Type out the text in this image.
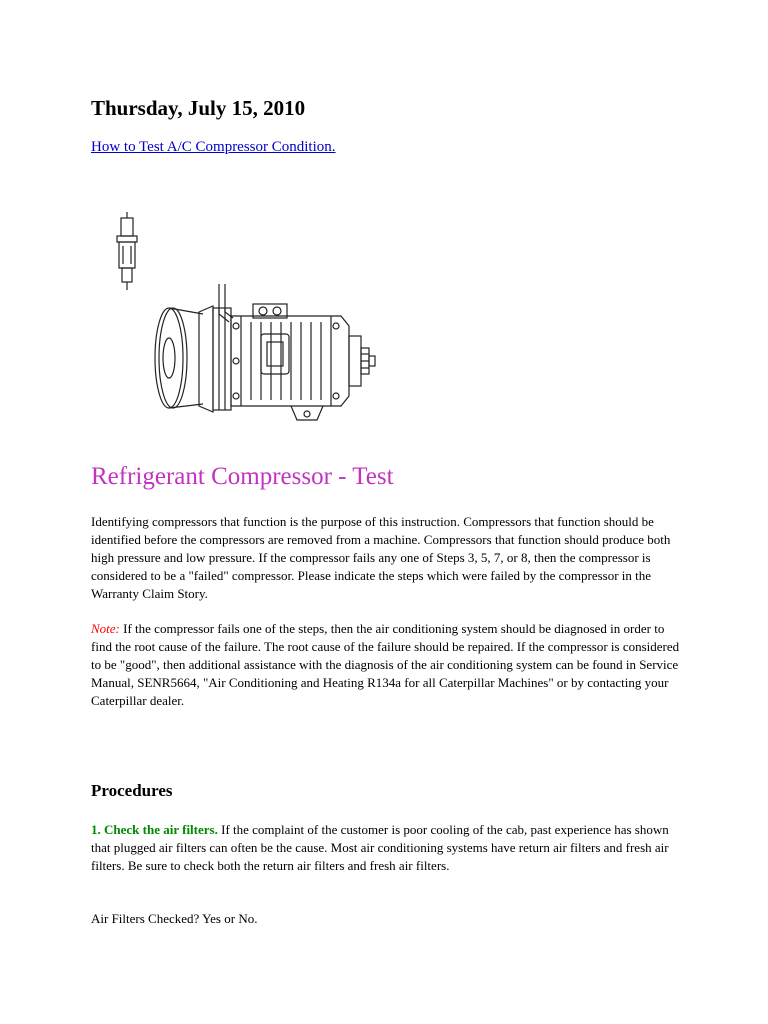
Thursday, July 15, 2010
How to Test A/C Compressor Condition.
Refrigerant Compressor - Test

Identifying compressors that function is the purpose of this instruction. Compressors that function should be identified before the compressors are removed from a machine. Compressors that function should produce both high pressure and low pressure. If the compressor fails any one of Steps 3, 5, 7, or 8, then the compressor is considered to be a "failed" compressor. Please indicate the steps which were failed by the compressor in the Warranty Claim Story.

Note: If the compressor fails one of the steps, then the air conditioning system should be diagnosed in order to find the root cause of the failure. The root cause of the failure should be repaired. If the compressor is considered to be "good", then additional assistance with the diagnosis of the air conditioning system can be found in Service Manual, SENR5664, "Air Conditioning and Heating R134a for all Caterpillar Machines" or by contacting your Caterpillar dealer.

Procedures

1. Check the air filters. If the complaint of the customer is poor cooling of the cab, past experience has shown that plugged air filters can often be the cause. Most air conditioning systems have return air filters and fresh air filters. Be sure to check both the return air filters and fresh air filters.

Air Filters Checked? Yes or No.
